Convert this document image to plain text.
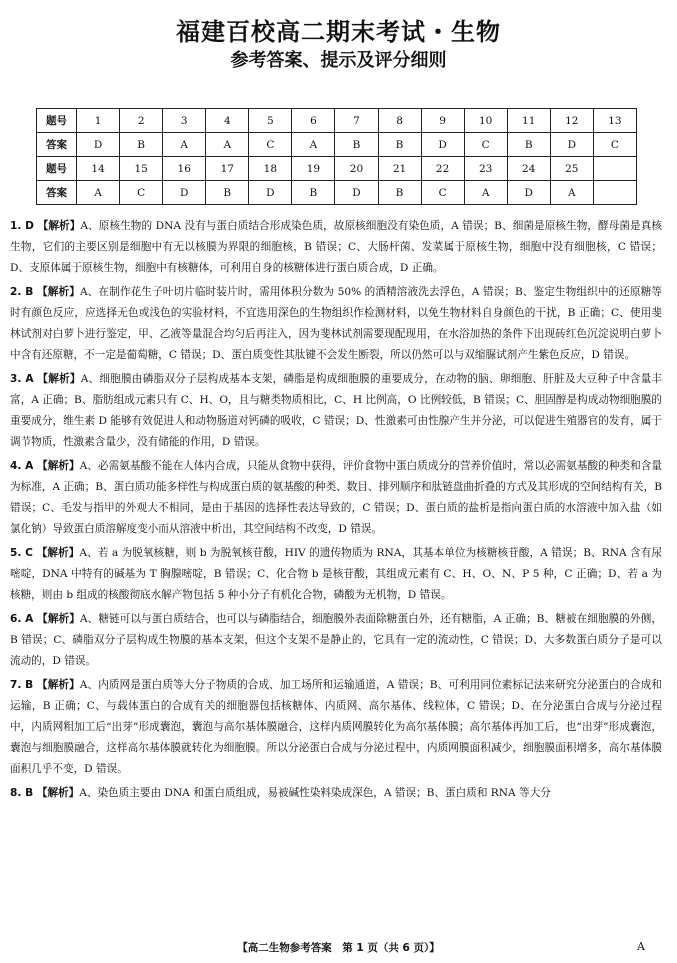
福建百校高二期末考试・生物
参考答案、提示及评分细则
题号	1	2	3	4	5	6	7	8	9	10	11	12	13
答案	D	B	A	A	C	A	B	B	D	C	B	D	C
题号	14	15	16	17	18	19	20	21	22	23	24	25	
答案	A	C	D	B	D	B	D	B	C	A	D	A	
1. D 【解析】A、原核生物的 DNA 没有与蛋白质结合形成染色质，故原核细胞没有染色质，A 错误；B、细菌是原核生物，酵母菌是真核生物，它们的主要区别是细胞中有无以核膜为界限的细胞核，B 错误；C、大肠杆菌、发菜属于原核生物，细胞中没有细胞核，C 错误；D、支原体属于原核生物，细胞中有核糖体，可利用自身的核糖体进行蛋白质合成，D 正确。
2. B 【解析】A、在制作花生子叶切片临时装片时，需用体积分数为 50% 的酒精溶液洗去浮色，A 错误；B、鉴定生物组织中的还原糖等时有颜色反应，应选择无色或浅色的实验材料，不宜选用深色的生物组织作检测材料，以免生物材料自身颜色的干扰，B 正确；C、使用斐林试剂对白萝卜进行鉴定，甲、乙液等量混合均匀后再注入，因为斐林试剂需要现配现用，在水浴加热的条件下出现砖红色沉淀说明白萝卜中含有还原糖，不一定是葡萄糖，C 错误；D、蛋白质变性其肽键不会发生断裂，所以仍然可以与双缩脲试剂产生紫色反应，D 错误。
3. A 【解析】A、细胞膜由磷脂双分子层构成基本支架，磷脂是构成细胞膜的重要成分，在动物的脑、卵细胞、肝脏及大豆种子中含量丰富，A 正确；B、脂肪组成元素只有 C、H、O，且与糖类物质相比，C、H 比例高，O 比例较低，B 错误；C、胆固醇是构成动物细胞膜的重要成分，维生素 D 能够有效促进人和动物肠道对钙磷的吸收，C 错误；D、性激素可由性腺产生并分泌，可以促进生殖器官的发育，属于调节物质，性激素含量少，没有储能的作用，D 错误。
4. A 【解析】A、必需氨基酸不能在人体内合成，只能从食物中获得，评价食物中蛋白质成分的营养价值时，常以必需氨基酸的种类和含量为标准，A 正确；B、蛋白质功能多样性与构成蛋白质的氨基酸的种类、数目、排列顺序和肽链盘曲折叠的方式及其形成的空间结构有关，B 错误；C、毛发与指甲的外观大不相同，是由于基因的选择性表达导致的，C 错误；D、蛋白质的盐析是指向蛋白质的水溶液中加入盐（如氯化钠）导致蛋白质溶解度变小而从溶液中析出，其空间结构不改变，D 错误。
5. C 【解析】A、若 a 为脱氧核糖，则 b 为脱氧核苷酸，HIV 的遗传物质为 RNA，其基本单位为核糖核苷酸，A 错误；B、RNA 含有尿嘧啶，DNA 中特有的碱基为 T 胸腺嘧啶，B 错误；C、化合物 b 是核苷酸，其组成元素有 C、H、O、N、P 5 种，C 正确；D、若 a 为核糖，则由 b 组成的核酸彻底水解产物包括 5 种小分子有机化合物，磷酸为无机物，D 错误。
6. A 【解析】A、糖链可以与蛋白质结合，也可以与磷脂结合，细胞膜外表面除糖蛋白外，还有糖脂，A 正确；B、糖被在细胞膜的外侧，B 错误；C、磷脂双分子层构成生物膜的基本支架，但这个支架不是静止的，它具有一定的流动性，C 错误；D、大多数蛋白质分子是可以流动的，D 错误。
7. B 【解析】A、内质网是蛋白质等大分子物质的合成、加工场所和运输通道，A 错误；B、可利用同位素标记法来研究分泌蛋白的合成和运输，B 正确；C、与载体蛋白的合成有关的细胞器包括核糖体、内质网、高尔基体、线粒体，C 错误；D、在分泌蛋白合成与分泌过程中，内质网粗加工后“出芽”形成囊泡，囊泡与高尔基体膜融合，这样内质网膜转化为高尔基体膜；高尔基体再加工后，也“出芽”形成囊泡，囊泡与细胞膜融合，这样高尔基体膜就转化为细胞膜。所以分泌蛋白合成与分泌过程中，内质网膜面积减少，细胞膜面积增多，高尔基体膜面积几乎不变，D 错误。
8. B 【解析】A、染色质主要由 DNA 和蛋白质组成，易被碱性染料染成深色，A 错误；B、蛋白质和 RNA 等大分
【高二生物参考答案　第 1 页（共 6 页）】	A
